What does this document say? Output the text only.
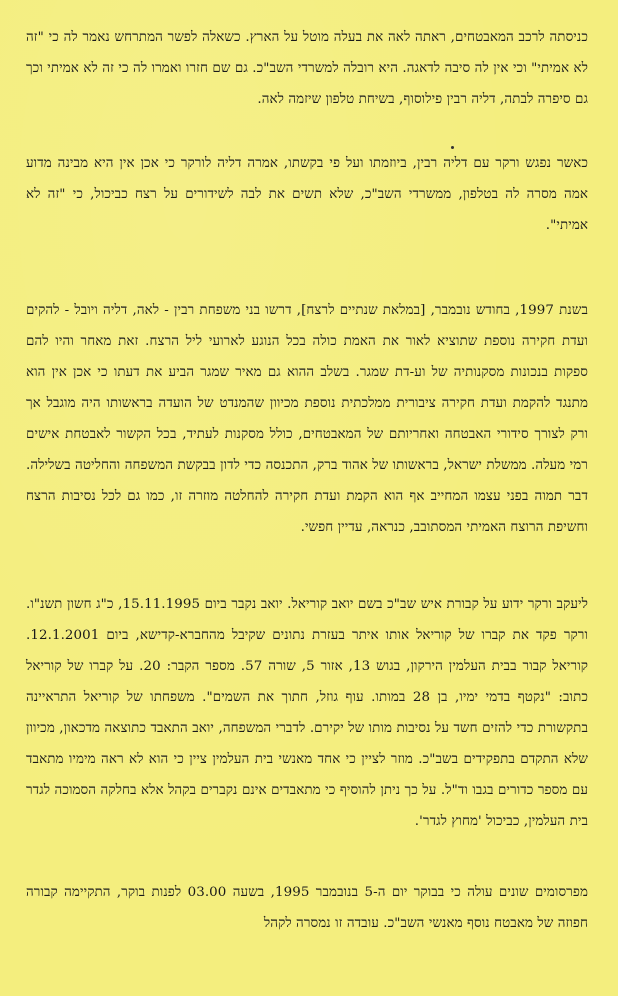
כניסתה לרכב המאבטחים, ראתה לאה את בעלה מוטל על הארץ. כשאלה לפשר המתרחש נאמר לה כי "זה לא אמיתי" וכי אין לה סיבה לדאגה. היא רובלה למשרדי השב"כ. גם שם חזרו ואמרו לה כי זה לא אמיתי וכך גם סיפרה לבתה, דליה רבין פילוסוף, בשיחת טלפון שיזמה לאה.

כאשר נפגש ורקר עם דליה רבין, ביוזמתו ועל פי בקשתו, אמרה דליה לורקר כי אכן אין היא מבינה מדוע אמה מסרה לה בטלפון, ממשרדי השב"כ, שלא תשים את לבה לשידורים על רצח כביכול, כי "זה לא אמיתי".

בשנת 1997, בחודש נובמבר, [במלאת שנתיים לרצח], דרשו בני משפחת רבין - לאה, דליה ויובל - להקים ועדת חקירה נוספת שתוציא לאור את האמת כולה בכל הנוגע לארועי ליל הרצח. זאת מאחר והיו להם ספקות בנכונות מסקנותיה של וע-דת שמגר. בשלב ההוא גם מאיר שמגר הביע את דעתו כי אכן אין הוא מתנגד להקמת ועדת חקירה ציבורית ממלכתית נוספת מכיוון שהמנדט של הועדה בראשותו היה מוגבל אך ורק לצורך סידורי האבטחה ואחריותם של המאבטחים, כולל מסקנות לעתיד, בכל הקשור לאבטחת אישים רמי מעלה. ממשלת ישראל, בראשותו של אהוד ברק, התכנסה כדי לדון בבקשת המשפחה והחליטה בשלילה. דבר תמוה בפני עצמו המחייב אף הוא הקמת ועדת חקירה להחלטה מוזרה זו, כמו גם לכל נסיבות הרצח וחשיפת הרוצח האמיתי המסתובב, כנראה, עדיין חפשי.

ליעקב ורקר ידוע על קבורת איש שב"כ בשם יואב קוריאל. יואב נקבר ביום 15.11.1995, כ"ג חשון תשנ"ו. ורקר פקד את קברו של קוריאל אותו איתר בעזרת נתונים שקיבל מהחברא-קדישא, ביום 12.1.2001. קוריאל קבור בבית העלמין הירקון, בגוש 13, אזור 5, שורה 57. מספר הקבר: 20. על קברו של קוריאל כתוב: "נקטף בדמי ימיו, בן 28 במותו. עוף גוזל, חתוך את השמים". משפחתו של קוריאל התראיינה בתקשורת כדי להזים חשד על נסיבות מותו של יקירם. לדברי המשפחה, יואב התאבד כתוצאה מדכאון, מכיוון שלא התקדם בתפקידים בשב"כ. מוזר לציין כי אחד מאנשי בית העלמין ציין כי הוא לא ראה מימיו מתאבד עם מספר כדורים בגבו וד"ל. על כך ניתן להוסיף כי מתאבדים אינם נקברים בקהל אלא בחלקה הסמוכה לגדר בית העלמין, כביכול 'מחוץ לגדר'.

מפרסומים שונים עולה כי בבוקר יום ה-5 בנובמבר 1995, בשעה 03.00 לפנות בוקר, התקיימה קבורה חפוזה של מאבטח נוסף מאנשי השב"כ. עובדה זו נמסרה לקהל
